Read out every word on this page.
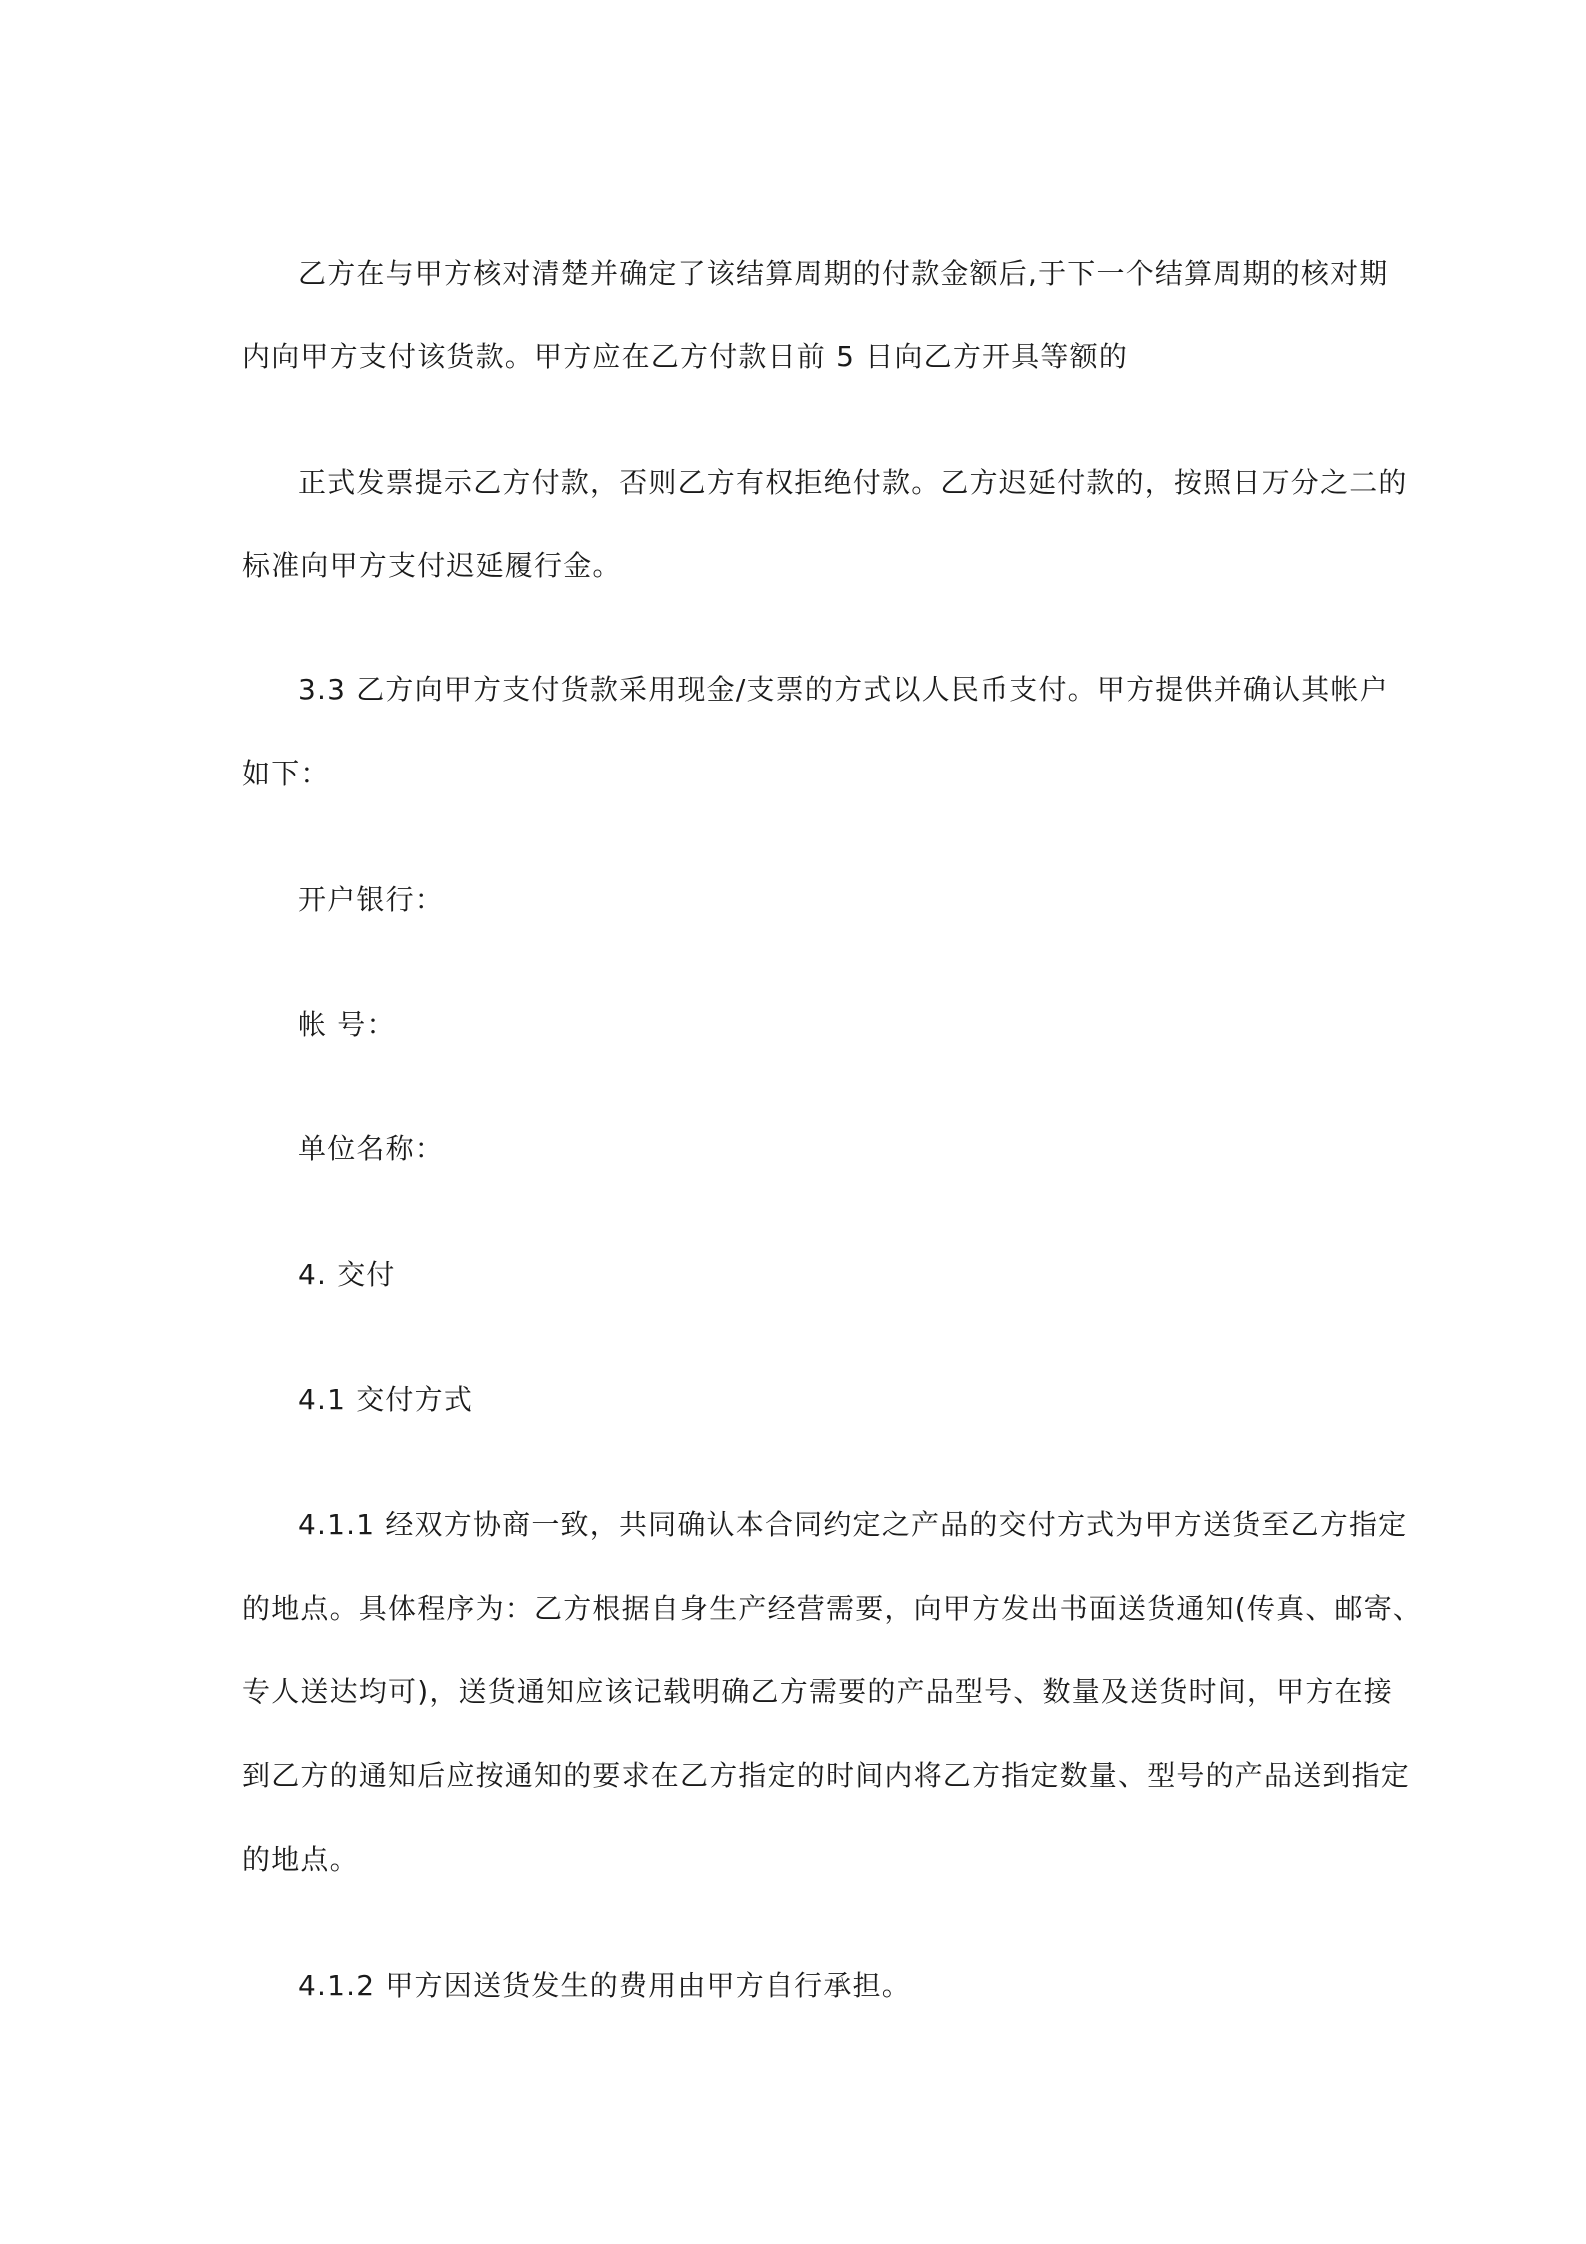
乙方在与甲方核对清楚并确定了该结算周期的付款金额后,于下一个结算周期的核对期
内向甲方支付该货款。甲方应在乙方付款日前 5 日向乙方开具等额的
正式发票提示乙方付款，否则乙方有权拒绝付款。乙方迟延付款的，按照日万分之二的
标准向甲方支付迟延履行金。
3.3 乙方向甲方支付货款采用现金/支票的方式以人民币支付。甲方提供并确认其帐户
如下：
开户银行：
帐 号：
单位名称：
4. 交付
4.1 交付方式
4.1.1 经双方协商一致，共同确认本合同约定之产品的交付方式为甲方送货至乙方指定
的地点。具体程序为：乙方根据自身生产经营需要，向甲方发出书面送货通知(传真、邮寄、
专人送达均可)，送货通知应该记载明确乙方需要的产品型号、数量及送货时间，甲方在接
到乙方的通知后应按通知的要求在乙方指定的时间内将乙方指定数量、型号的产品送到指定
的地点。
4.1.2 甲方因送货发生的费用由甲方自行承担。
